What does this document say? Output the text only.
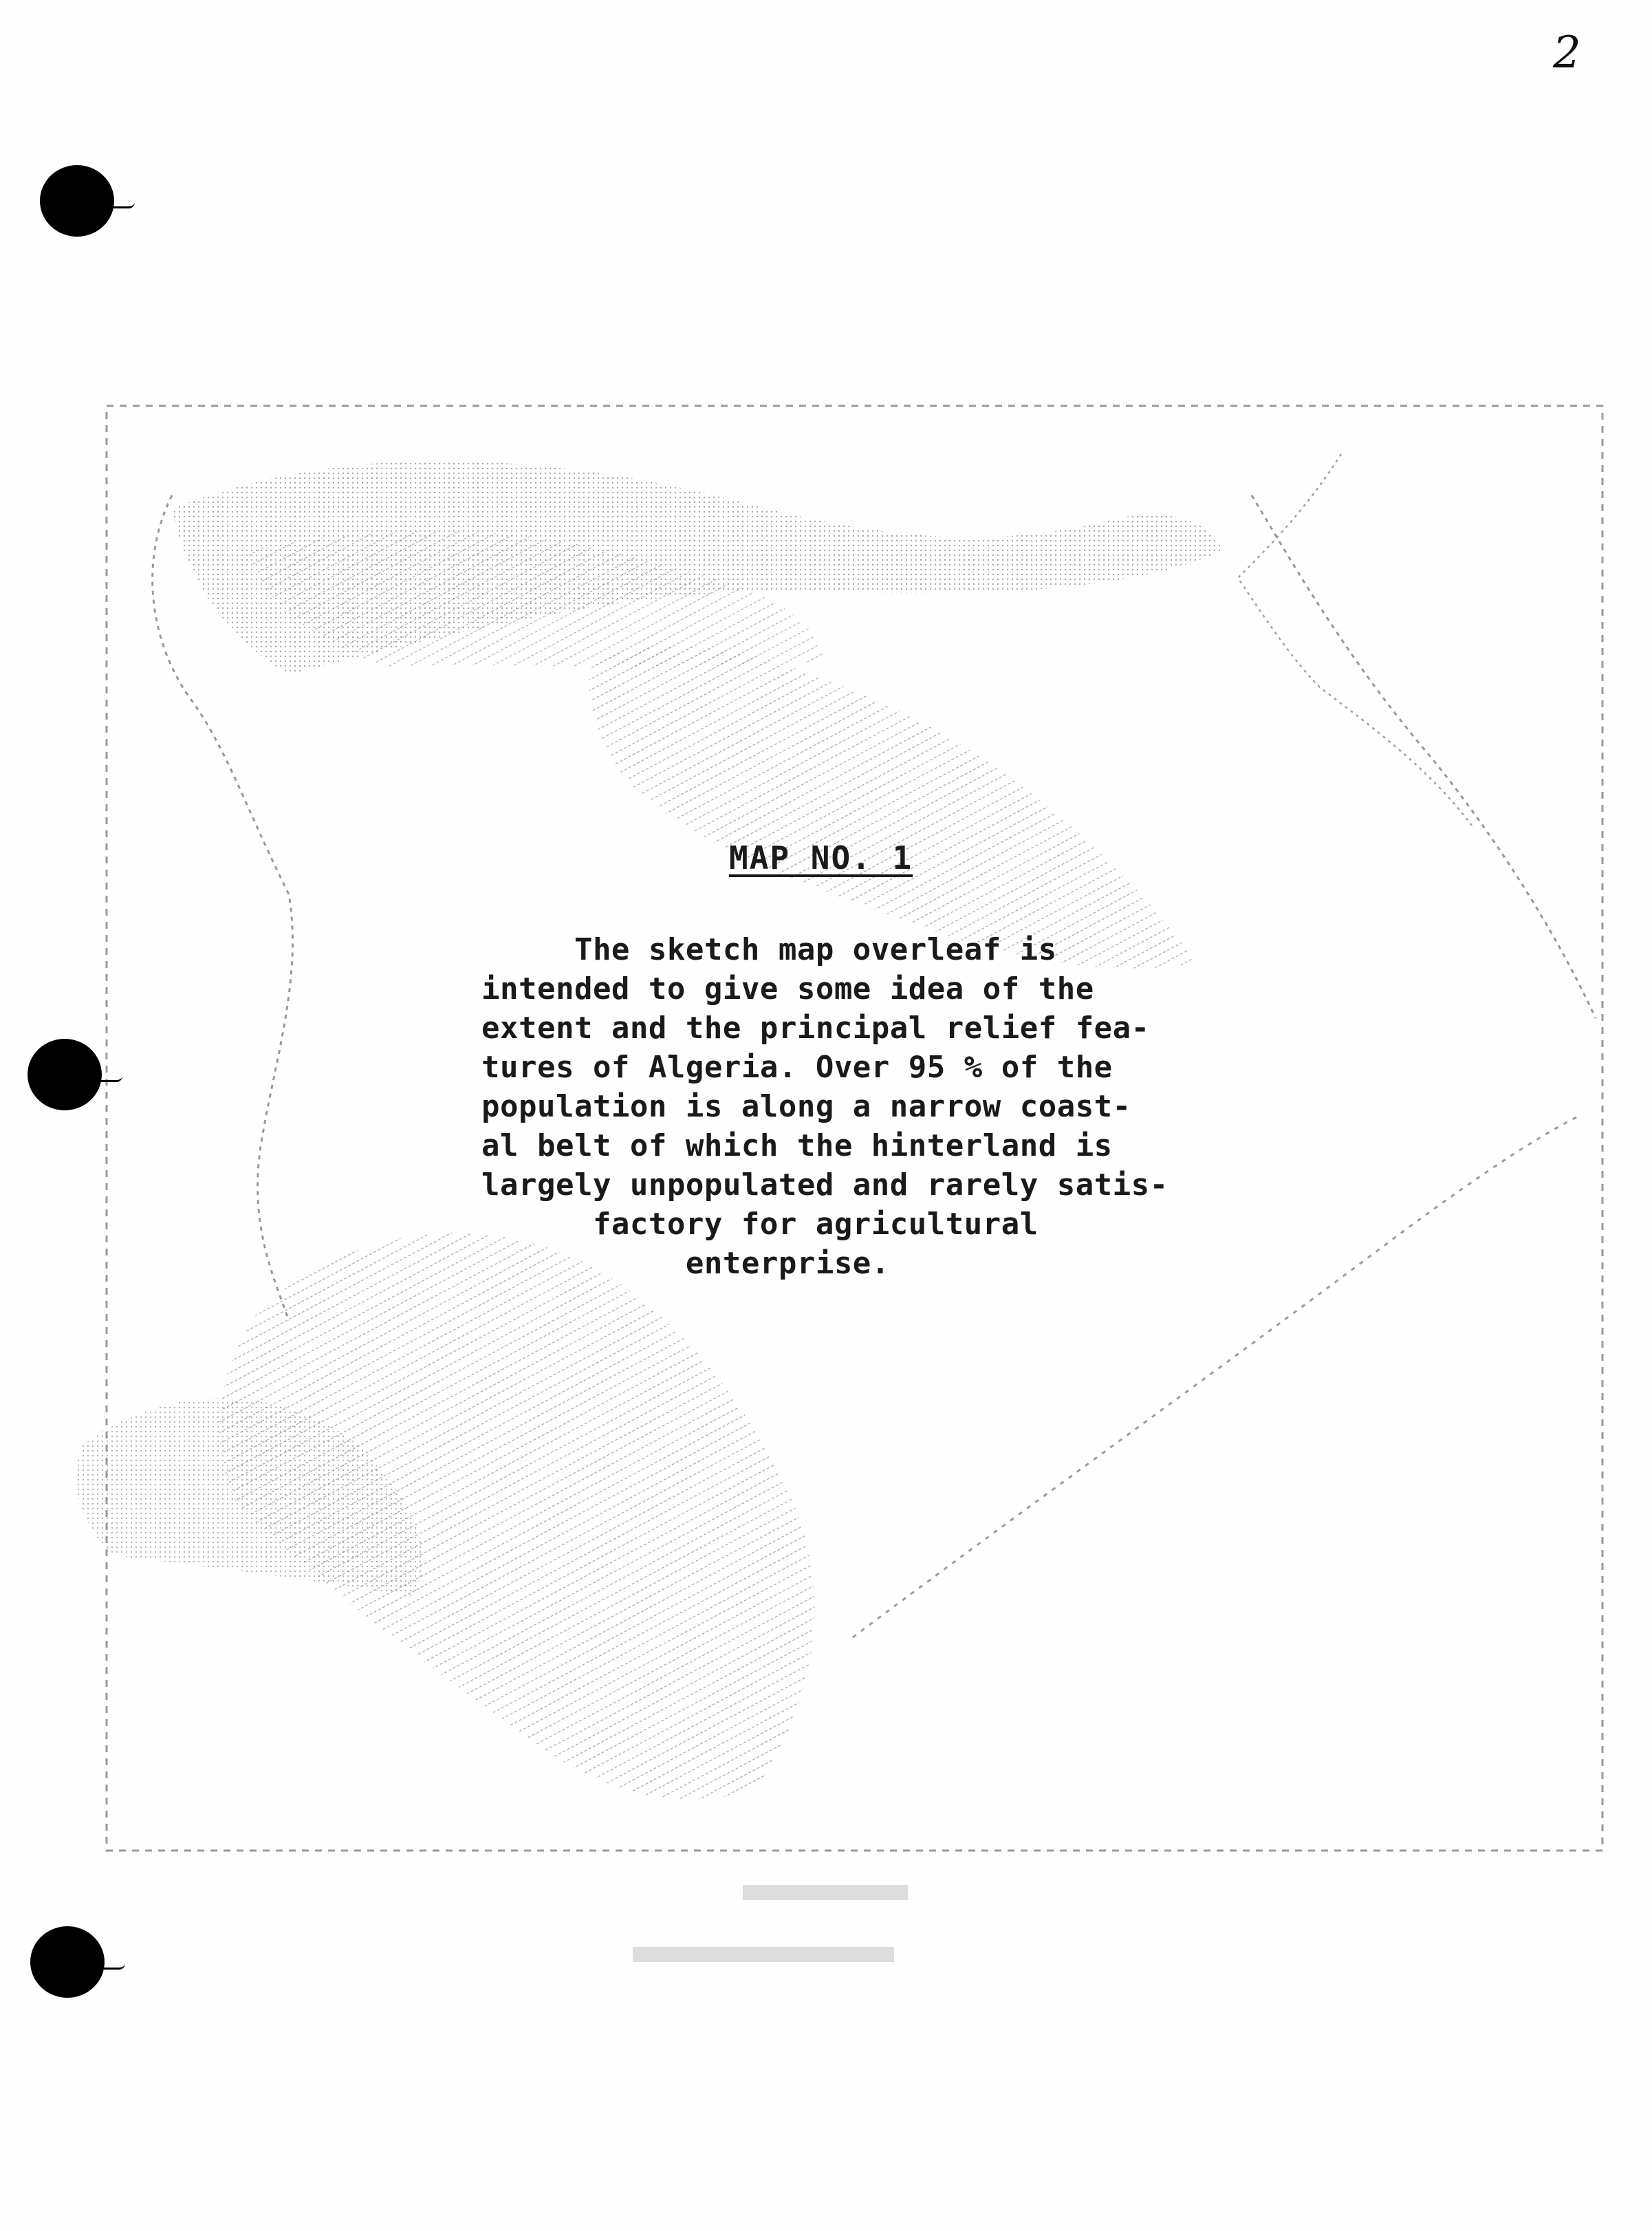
2
MAP NO. 1
The sketch map overleaf is
intended to give some idea of the
extent and the principal relief fea-
tures of Algeria. Over 95 % of the
population is along a narrow coast-
al belt of which the hinterland is
largely unpopulated and rarely satis-
factory for agricultural
enterprise.
